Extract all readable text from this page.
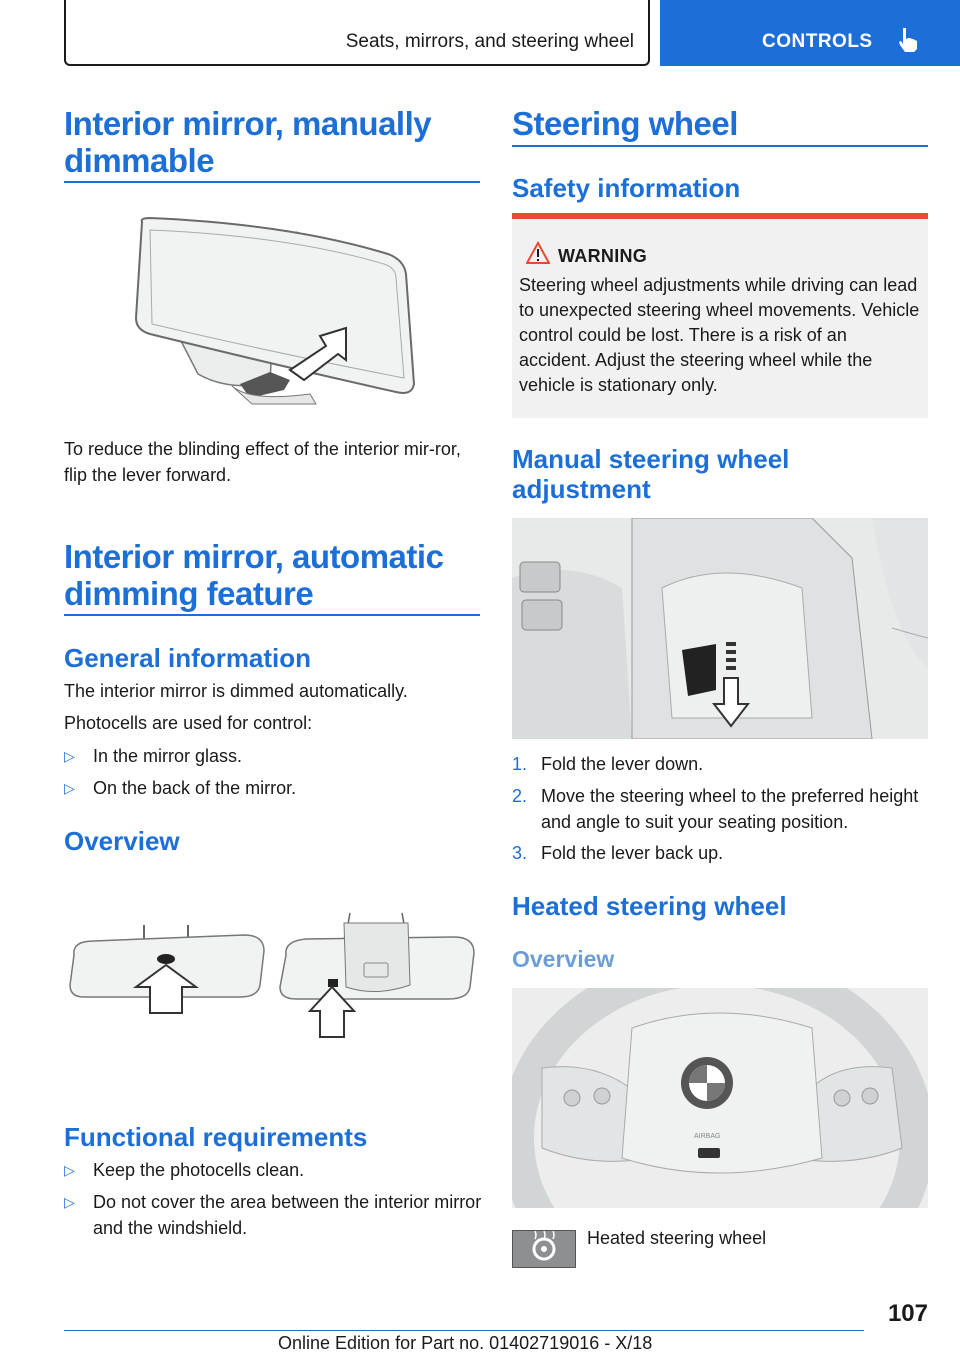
Seats, mirrors, and steering wheel	CONTROLS
Interior mirror, manually dimmable

To reduce the blinding effect of the interior mir-ror, flip the lever forward.

Interior mirror, automatic dimming feature
General information

The interior mirror is dimmed automatically.

Photocells are used for control:

▷ In the mirror glass.
▷ On the back of the mirror.
Overview
Functional requirements
▷ Keep the photocells clean.
▷ Do not cover the area between the interior mirror and the windshield.
Steering wheel
Safety information
WARNING

Steering wheel adjustments while driving can lead to unexpected steering wheel movements. Vehicle control could be lost. There is a risk of an accident. Adjust the steering wheel while the vehicle is stationary only.

Manual steering wheel adjustment
1. Fold the lever down.
2. Move the steering wheel to the preferred height and angle to suit your seating position.
3. Fold the lever back up.
Heated steering wheel
Overview
AIRBAG

Heated steering wheel

107
Online Edition for Part no. 01402719016 - X/18
